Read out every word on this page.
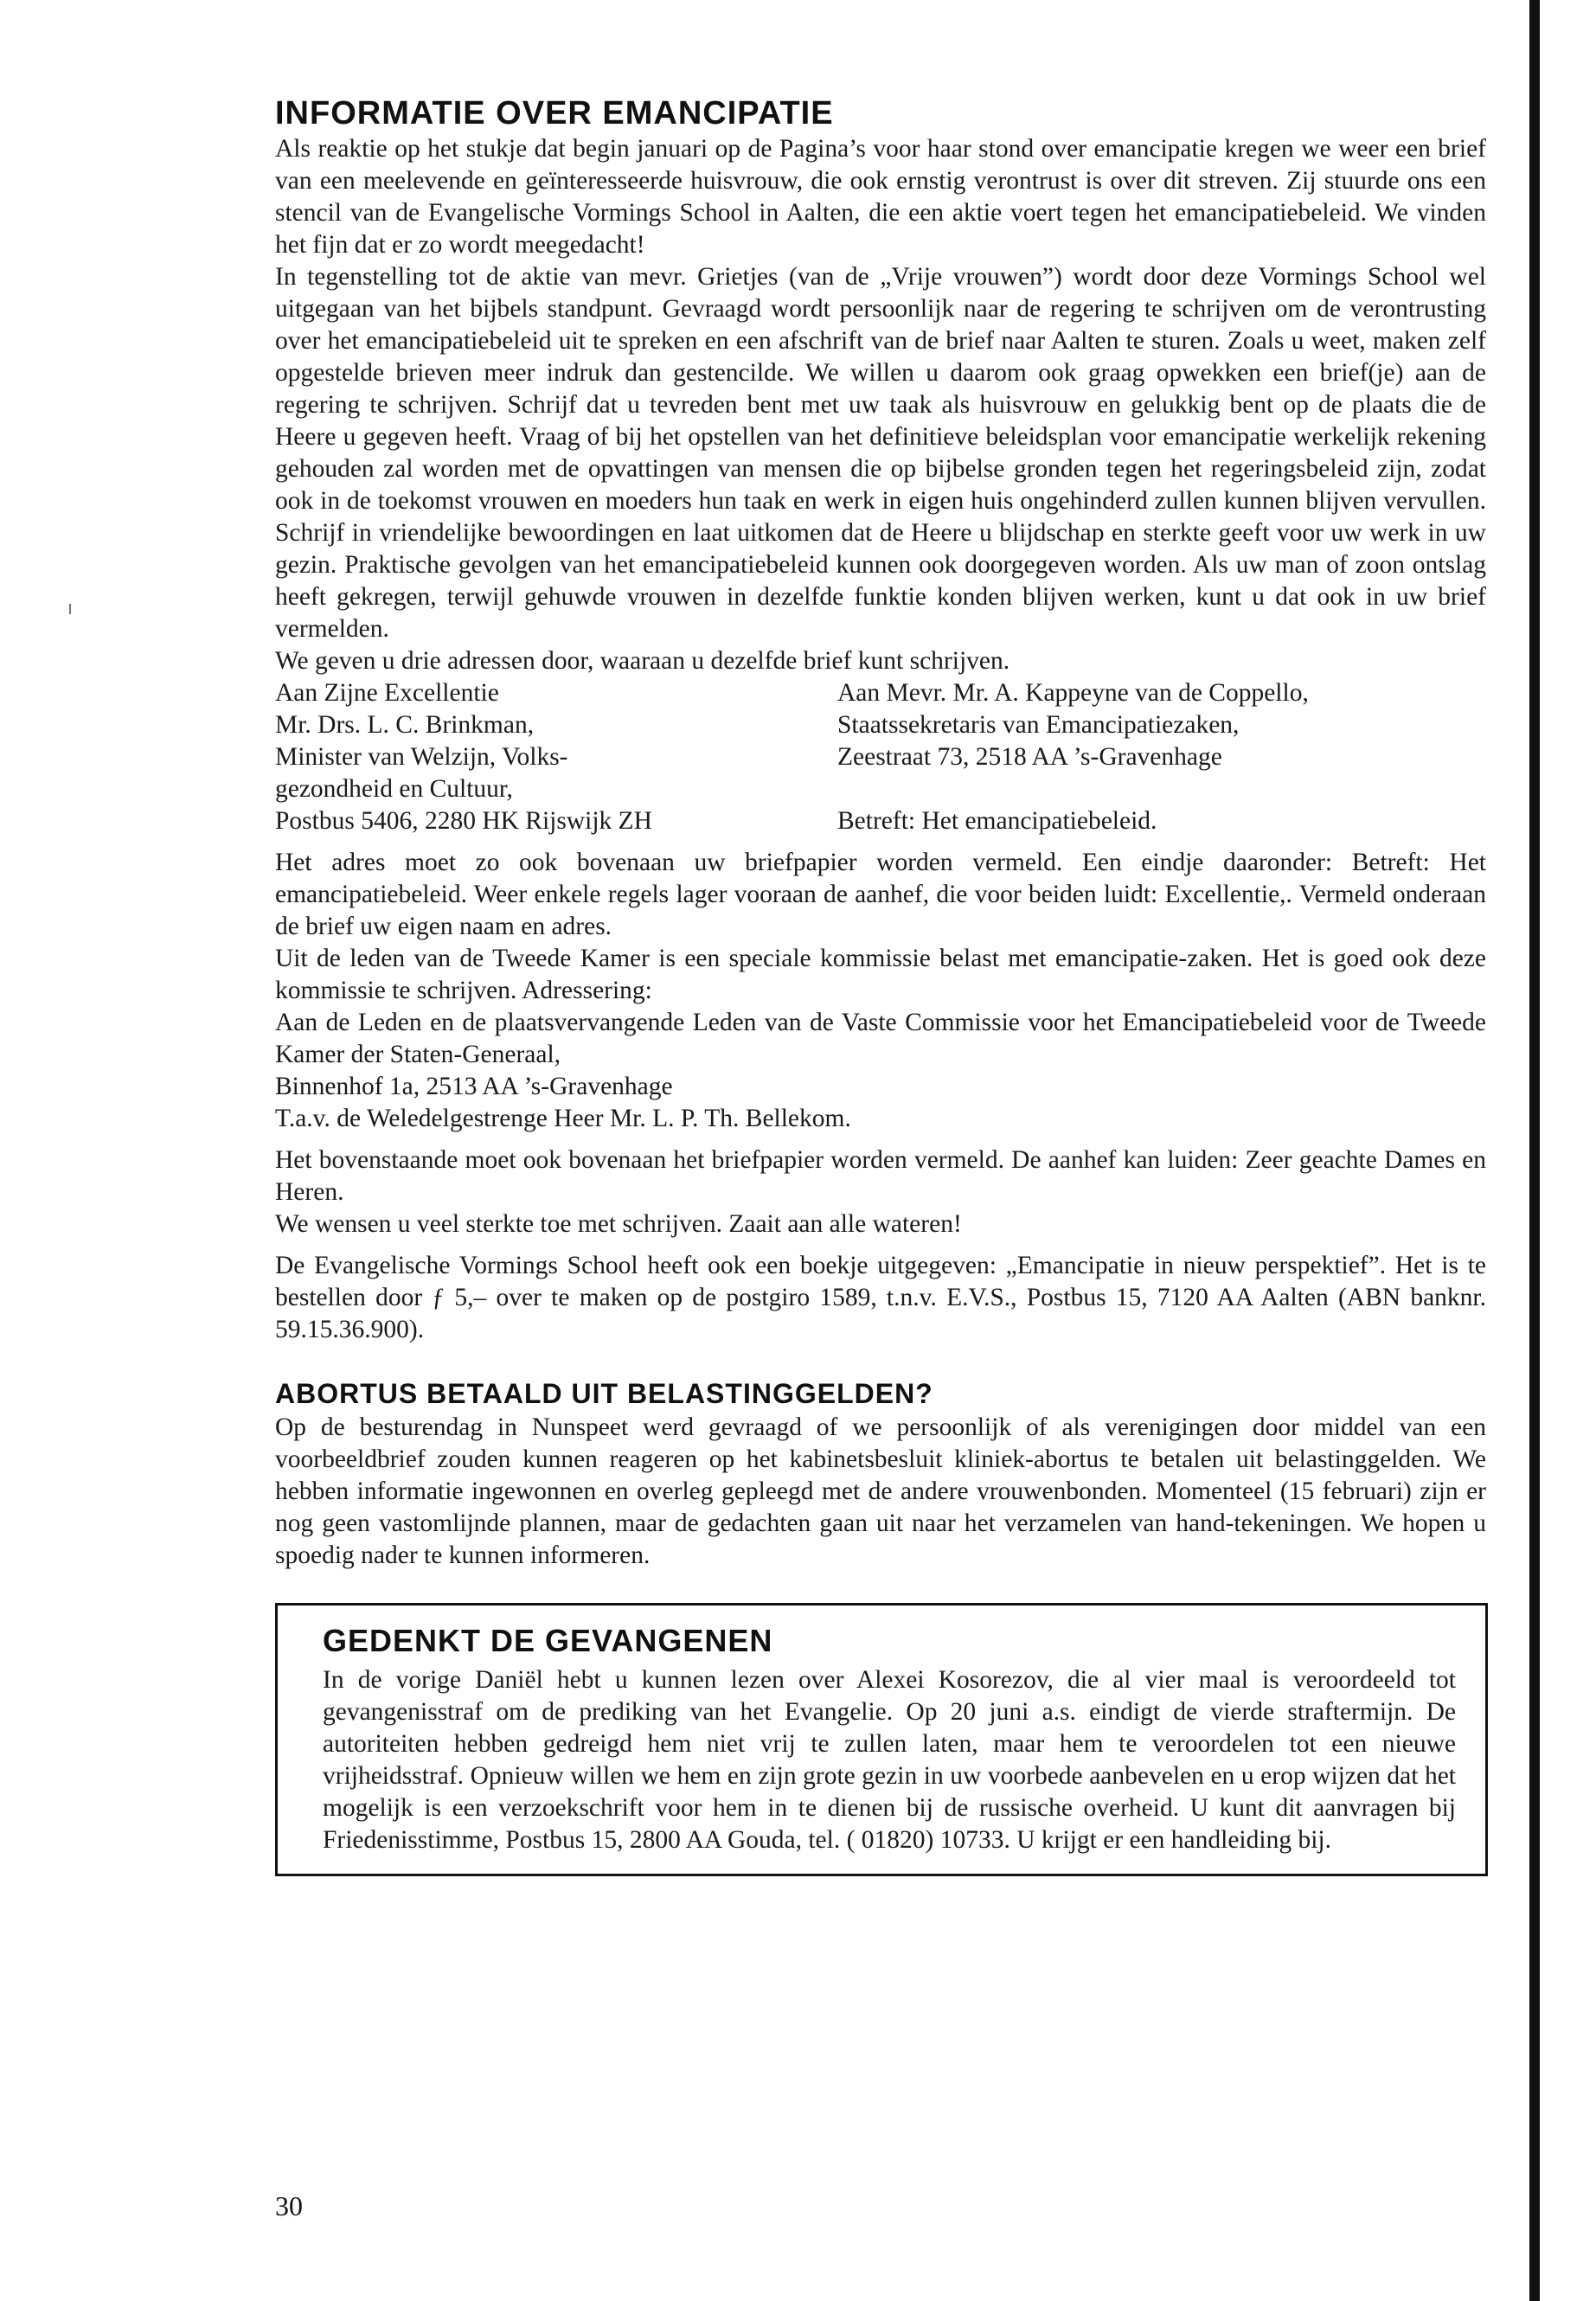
INFORMATIE OVER EMANCIPATIE

Als reaktie op het stukje dat begin januari op de Pagina’s voor haar stond over emancipatie kregen we weer een brief van een meelevende en geïnteresseerde huisvrouw, die ook ernstig verontrust is over dit streven. Zij stuurde ons een stencil van de Evangelische Vormings School in Aalten, die een aktie voert tegen het emancipatiebeleid. We vinden het fijn dat er zo wordt meegedacht!

In tegenstelling tot de aktie van mevr. Grietjes (van de „Vrije vrouwen”) wordt door deze Vormings School wel uitgegaan van het bijbels standpunt. Gevraagd wordt persoonlijk naar de regering te schrijven om de verontrusting over het emancipatiebeleid uit te spreken en een afschrift van de brief naar Aalten te sturen. Zoals u weet, maken zelf opgestelde brieven meer indruk dan gestencilde. We willen u daarom ook graag opwekken een brief(je) aan de regering te schrijven. Schrijf dat u tevreden bent met uw taak als huisvrouw en gelukkig bent op de plaats die de Heere u gegeven heeft. Vraag of bij het opstellen van het definitieve beleidsplan voor emancipatie werkelijk rekening gehouden zal worden met de opvattingen van mensen die op bijbelse gronden tegen het regeringsbeleid zijn, zodat ook in de toekomst vrouwen en moeders hun taak en werk in eigen huis ongehinderd zullen kunnen blijven vervullen. Schrijf in vriendelijke bewoordingen en laat uitkomen dat de Heere u blijdschap en sterkte geeft voor uw werk in uw gezin. Praktische gevolgen van het emancipatiebeleid kunnen ook doorgegeven worden. Als uw man of zoon ontslag heeft gekregen, terwijl gehuwde vrouwen in dezelfde funktie konden blijven werken, kunt u dat ook in uw brief vermelden.

We geven u drie adressen door, waaraan u dezelfde brief kunt schrijven.

Aan Zijne Excellentie
Mr. Drs. L. C. Brinkman,
Minister van Welzijn, Volks-
gezondheid en Cultuur,
Postbus 5406, 2280 HK Rijswijk ZH
Aan Mevr. Mr. A. Kappeyne van de Coppello,
Staatssekretaris van Emancipatiezaken,
Zeestraat 73, 2518 AA ’s-Gravenhage

Betreft: Het emancipatiebeleid.

Het adres moet zo ook bovenaan uw briefpapier worden vermeld. Een eindje daaronder: Betreft: Het emancipatiebeleid. Weer enkele regels lager vooraan de aanhef, die voor beiden luidt: Excellentie,. Vermeld onderaan de brief uw eigen naam en adres.

Uit de leden van de Tweede Kamer is een speciale kommissie belast met emancipatie-zaken. Het is goed ook deze kommissie te schrijven. Adressering:

Aan de Leden en de plaatsvervangende Leden van de Vaste Commissie voor het Emancipatiebeleid voor de Tweede Kamer der Staten-Generaal,

Binnenhof 1a, 2513 AA ’s-Gravenhage

T.a.v. de Weledelgestrenge Heer Mr. L. P. Th. Bellekom.

Het bovenstaande moet ook bovenaan het briefpapier worden vermeld. De aanhef kan luiden: Zeer geachte Dames en Heren.

We wensen u veel sterkte toe met schrijven. Zaait aan alle wateren!

De Evangelische Vormings School heeft ook een boekje uitgegeven: „Emancipatie in nieuw perspektief”. Het is te bestellen door ƒ 5,– over te maken op de postgiro 1589, t.n.v. E.V.S., Postbus 15, 7120 AA Aalten (ABN banknr. 59.15.36.900).

ABORTUS BETAALD UIT BELASTINGGELDEN?

Op de besturendag in Nunspeet werd gevraagd of we persoonlijk of als verenigingen door middel van een voorbeeldbrief zouden kunnen reageren op het kabinetsbesluit kliniek-abortus te betalen uit belastinggelden. We hebben informatie ingewonnen en overleg gepleegd met de andere vrouwenbonden. Momenteel (15 februari) zijn er nog geen vastomlijnde plannen, maar de gedachten gaan uit naar het verzamelen van hand-tekeningen. We hopen u spoedig nader te kunnen informeren.

GEDENKT DE GEVANGENEN

In de vorige Daniël hebt u kunnen lezen over Alexei Kosorezov, die al vier maal is veroordeeld tot gevangenisstraf om de prediking van het Evangelie. Op 20 juni a.s. eindigt de vierde straftermijn. De autoriteiten hebben gedreigd hem niet vrij te zullen laten, maar hem te veroordelen tot een nieuwe vrijheidsstraf. Opnieuw willen we hem en zijn grote gezin in uw voorbede aanbevelen en u erop wijzen dat het mogelijk is een verzoekschrift voor hem in te dienen bij de russische overheid. U kunt dit aanvragen bij Friedenisstimme, Postbus 15, 2800 AA Gouda, tel. ( 01820) 10733. U krijgt er een handleiding bij.

30
